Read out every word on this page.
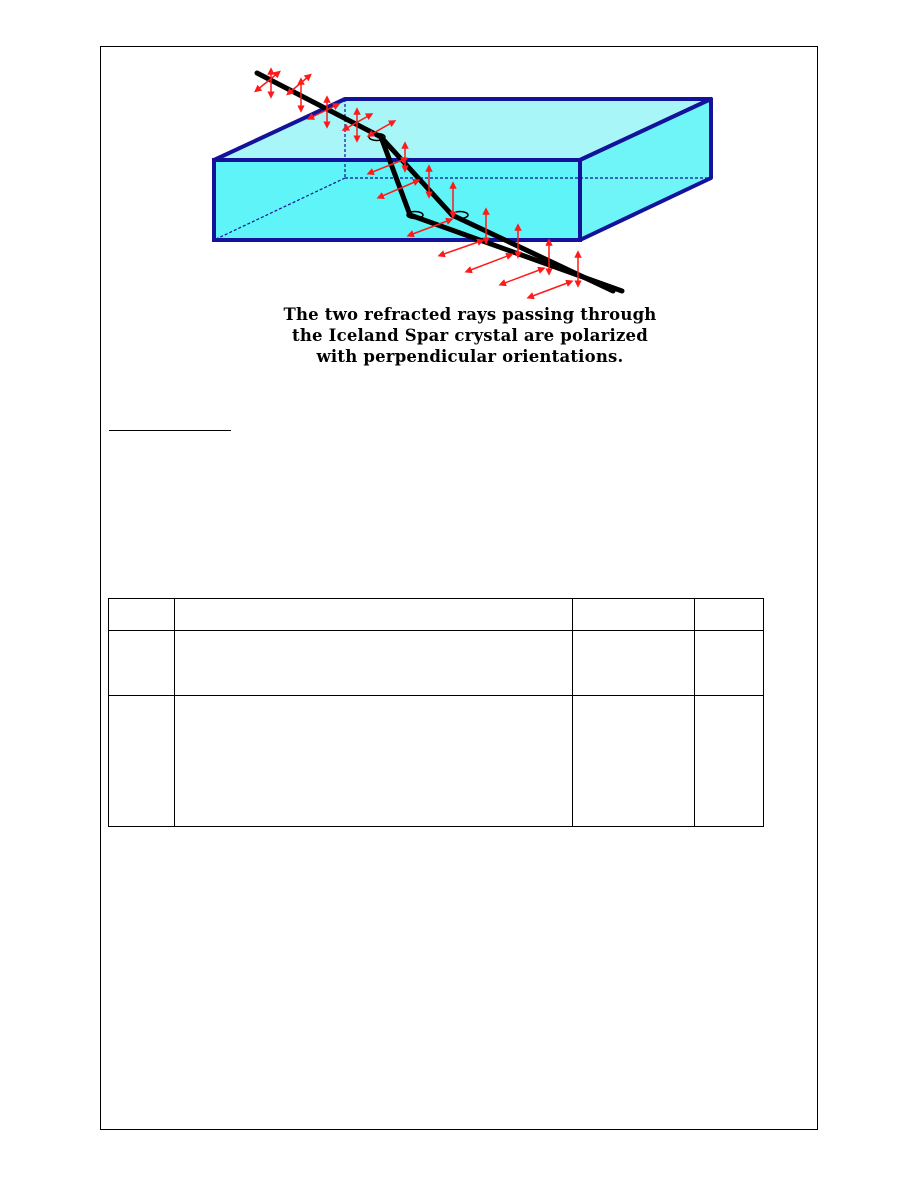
The two refracted rays passing through
the Iceland Spar crystal are polarized
with perpendicular orientations.
